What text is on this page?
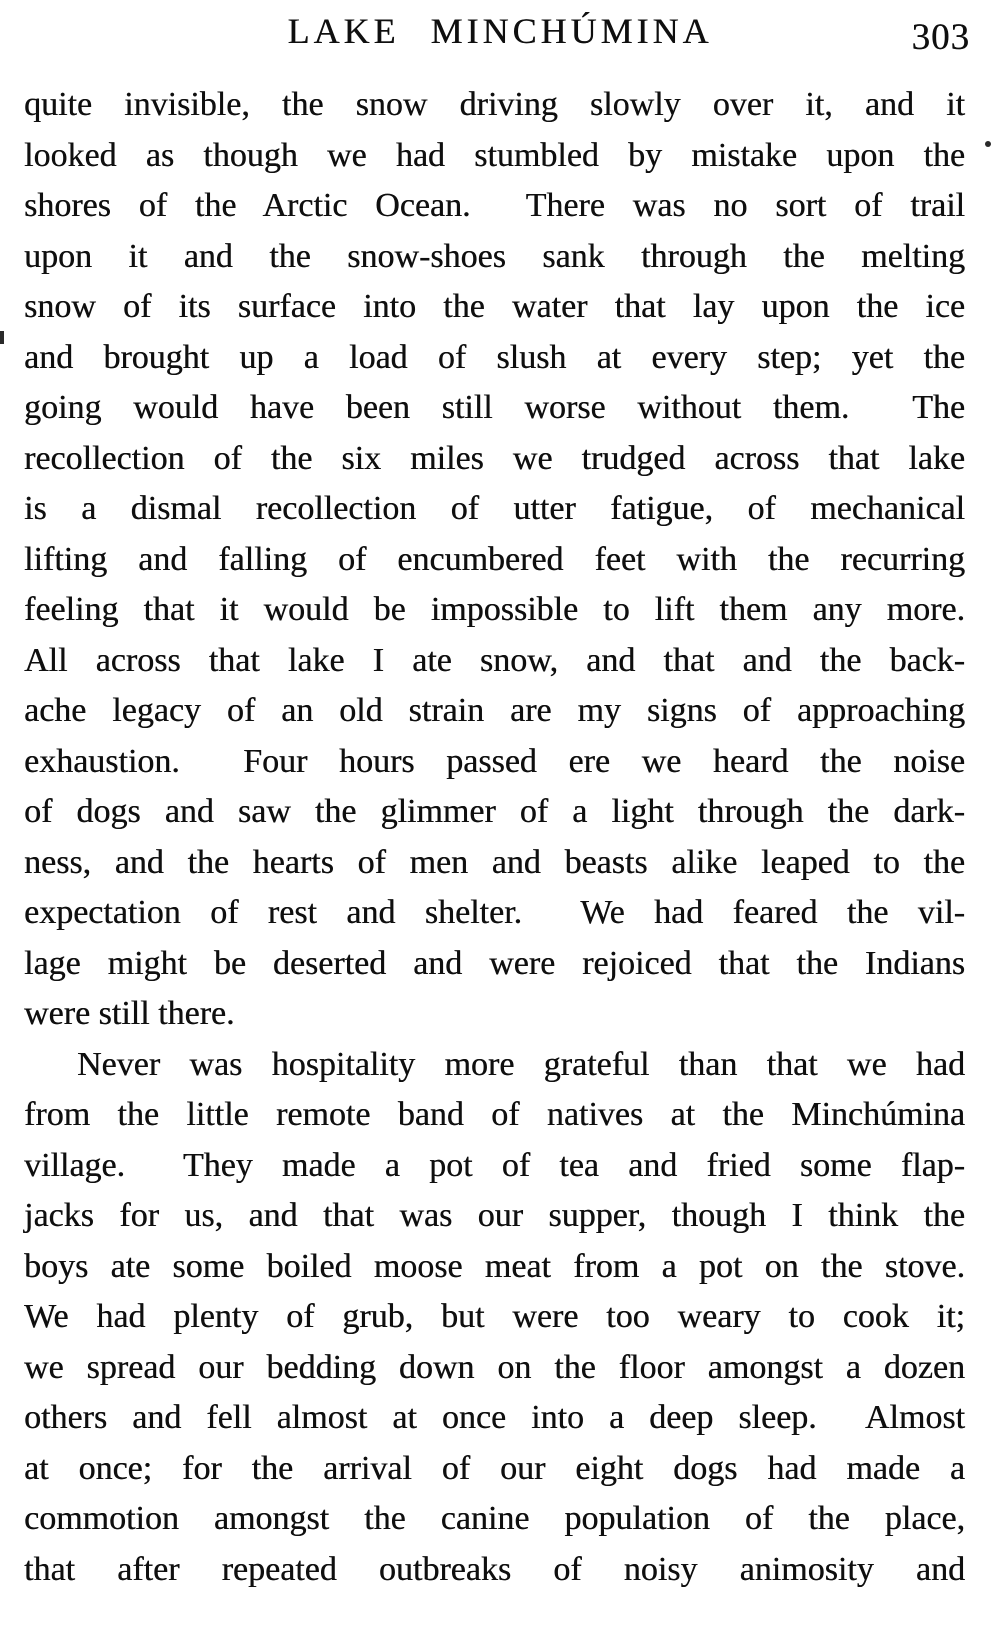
LAKE MINCHÚMINA	303
quite invisible, the snow driving slowly over it, and it
looked as though we had stumbled by mistake upon the
shores of the Arctic Ocean.  There was no sort of trail
upon it and the snow-shoes sank through the melting
snow of its surface into the water that lay upon the ice
and brought up a load of slush at every step; yet the
going would have been still worse without them.  The
recollection of the six miles we trudged across that lake
is a dismal recollection of utter fatigue, of mechanical
lifting and falling of encumbered feet with the recurring
feeling that it would be impossible to lift them any more.
All across that lake I ate snow, and that and the back-
ache legacy of an old strain are my signs of approaching
exhaustion.  Four hours passed ere we heard the noise
of dogs and saw the glimmer of a light through the dark-
ness, and the hearts of men and beasts alike leaped to the
expectation of rest and shelter.  We had feared the vil-
lage might be deserted and were rejoiced that the Indians
were still there.
Never was hospitality more grateful than that we had
from the little remote band of natives at the Minchúmina
village.  They made a pot of tea and fried some flap-
jacks for us, and that was our supper, though I think the
boys ate some boiled moose meat from a pot on the stove.
We had plenty of grub, but were too weary to cook it;
we spread our bedding down on the floor amongst a dozen
others and fell almost at once into a deep sleep.  Almost
at once; for the arrival of our eight dogs had made a
commotion amongst the canine population of the place,
that after repeated outbreaks of noisy animosity and
